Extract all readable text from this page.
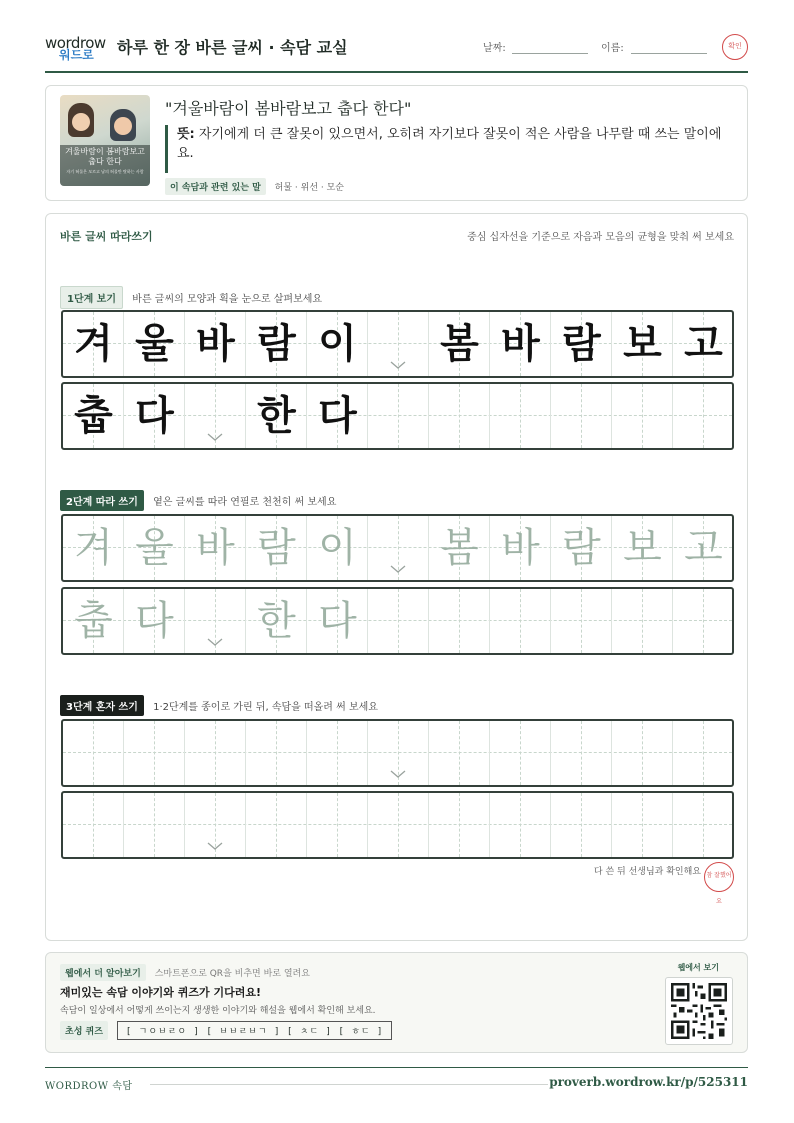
wordrow
워드로 하루 한 장 바른 글씨 · 속담 교실	날짜:	이름:	확인
겨울바람이 봄바람보고 춥다 한다
자기 허물은 모르고 남의 허물만 탓하는 사람
"겨울바람이 봄바람보고 춥다 한다"
뜻: 자기에게 더 큰 잘못이 있으면서, 오히려 자기보다 잘못이 적은 사람을 나무랄 때 쓰는 말이에요.
이 속담과 관련 있는 말 허물 · 위선 · 모순
바른 글씨 따라쓰기	중심 십자선을 기준으로 자음과 모음의 균형을 맞춰 써 보세요
1단계 보기 바른 글씨의 모양과 획을 눈으로 살펴보세요
겨 울 바 람 이 봄 바 람 보 고
춥 다 한 다
2단계 따라 쓰기 옅은 글씨를 따라 연필로 천천히 써 보세요
겨 울 바 람 이 봄 바 람 보 고
춥 다 한 다
3단계 혼자 쓰기 1·2단계를 종이로 가린 뒤, 속담을 떠올려 써 보세요
다 쓴 뒤 선생님과 확인해요 참 잘했어요
웹에서 더 알아보기 스마트폰으로 QR을 비추면 바로 열려요
재미있는 속담 이야기와 퀴즈가 기다려요!
속담이 일상에서 어떻게 쓰이는지 생생한 이야기와 해설을 웹에서 확인해 보세요.
초성 퀴즈	[ ㄱㅇㅂㄹㅇ ] [ ㅂㅂㄹㅂㄱ ] [ ㅊㄷ ] [ ㅎㄷ ]
웹에서 보기
WORDROW 속담	proverb.wordrow.kr/p/525311
